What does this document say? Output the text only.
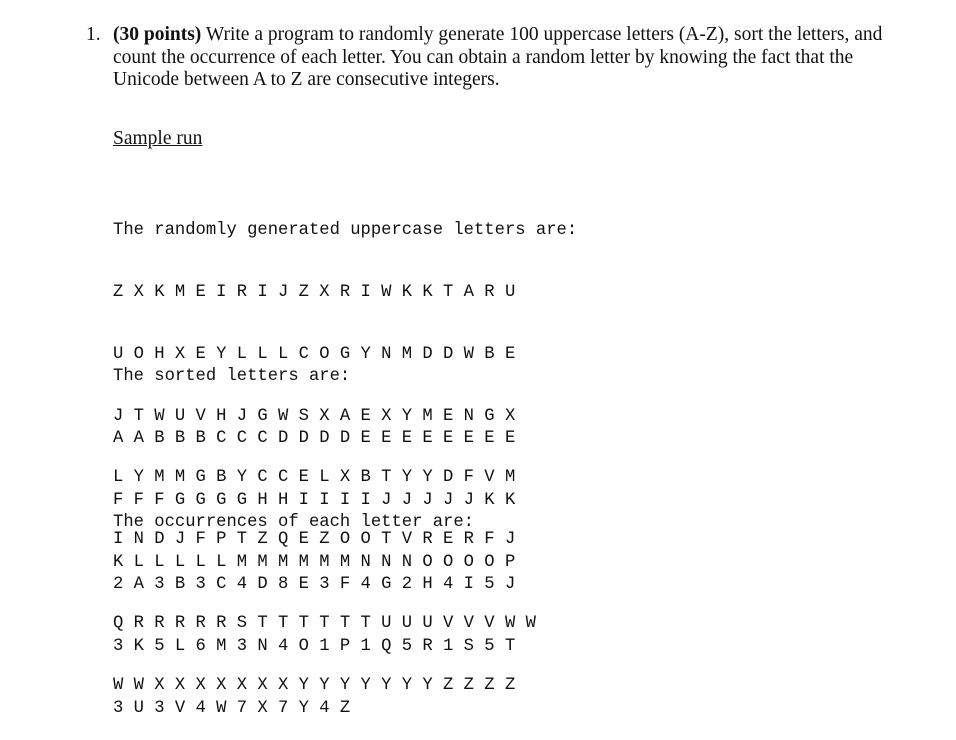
1. (30 points) Write a program to randomly generate 100 uppercase letters (A-Z), sort the letters, and count the occurrence of each letter. You can obtain a random letter by knowing the fact that the Unicode between A to Z are consecutive integers.
Sample run

The randomly generated uppercase letters are:

Z X K M E I R I J Z X R I W K K T A R U

U O H X E Y L L L C O G Y N M D D W B E

J T W U V H J G W S X A E X Y M E N G X

L Y M M G B Y C C E L X B T Y Y D F V M

I N D J F P T Z Q E Z O O T V R E R F J

The sorted letters are:

A A B B B C C C D D D D E E E E E E E E

F F F G G G G H H I I I I J J J J J K K

K L L L L L M M M M M M N N N O O O O P

Q R R R R R S T T T T T T U U U V V V W W

W W X X X X X X X Y Y Y Y Y Y Y Z Z Z Z

The occurrences of each letter are:

2 A 3 B 3 C 4 D 8 E 3 F 4 G 2 H 4 I 5 J

3 K 5 L 6 M 3 N 4 O 1 P 1 Q 5 R 1 S 5 T

3 U 3 V 4 W 7 X 7 Y 4 Z
